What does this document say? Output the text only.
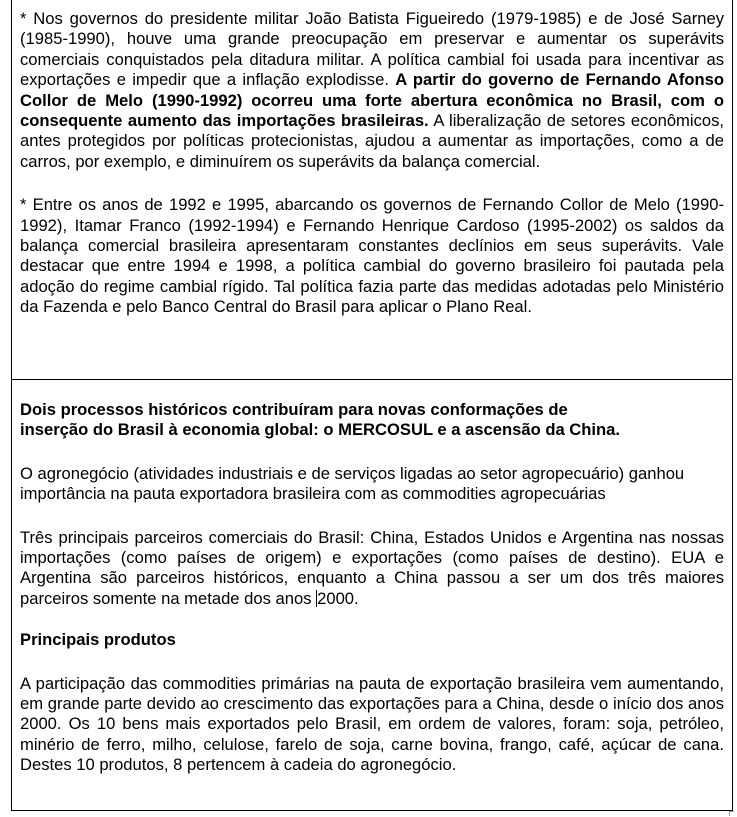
* Nos governos do presidente militar João Batista Figueiredo (1979-1985) e de José Sarney (1985-1990), houve uma grande preocupação em preservar e aumentar os superávits comerciais conquistados pela ditadura militar. A política cambial foi usada para incentivar as exportações e impedir que a inflação explodisse. A partir do governo de Fernando Afonso Collor de Melo (1990-1992) ocorreu uma forte abertura econômica no Brasil, com o consequente aumento das importações brasileiras. A liberalização de setores econômicos, antes protegidos por políticas protecionistas, ajudou a aumentar as importações, como a de carros, por exemplo, e diminuírem os superávits da balança comercial.

* Entre os anos de 1992 e 1995, abarcando os governos de Fernando Collor de Melo (1990-1992), Itamar Franco (1992-1994) e Fernando Henrique Cardoso (1995-2002) os saldos da balança comercial brasileira apresentaram constantes declínios em seus superávits. Vale destacar que entre 1994 e 1998, a política cambial do governo brasileiro foi pautada pela adoção do regime cambial rígido. Tal política fazia parte das medidas adotadas pelo Ministério da Fazenda e pelo Banco Central do Brasil para aplicar o Plano Real.

Dois processos históricos contribuíram para novas conformações de

inserção do Brasil à economia global: o MERCOSUL e a ascensão da China.

O agronegócio (atividades industriais e de serviços ligadas ao setor agropecuário) ganhou importância na pauta exportadora brasileira com as commodities agropecuárias

Três principais parceiros comerciais do Brasil: China, Estados Unidos e Argentina nas nossas importações (como países de origem) e exportações (como países de destino). EUA e Argentina são parceiros históricos, enquanto a China passou a ser um dos três maiores parceiros somente na metade dos anos 2000.

Principais produtos

A participação das commodities primárias na pauta de exportação brasileira vem aumentando, em grande parte devido ao crescimento das exportações para a China, desde o início dos anos 2000. Os 10 bens mais exportados pelo Brasil, em ordem de valores, foram: soja, petróleo, minério de ferro, milho, celulose, farelo de soja, carne bovina, frango, café, açúcar de cana. Destes 10 produtos, 8 pertencem à cadeia do agronegócio.
